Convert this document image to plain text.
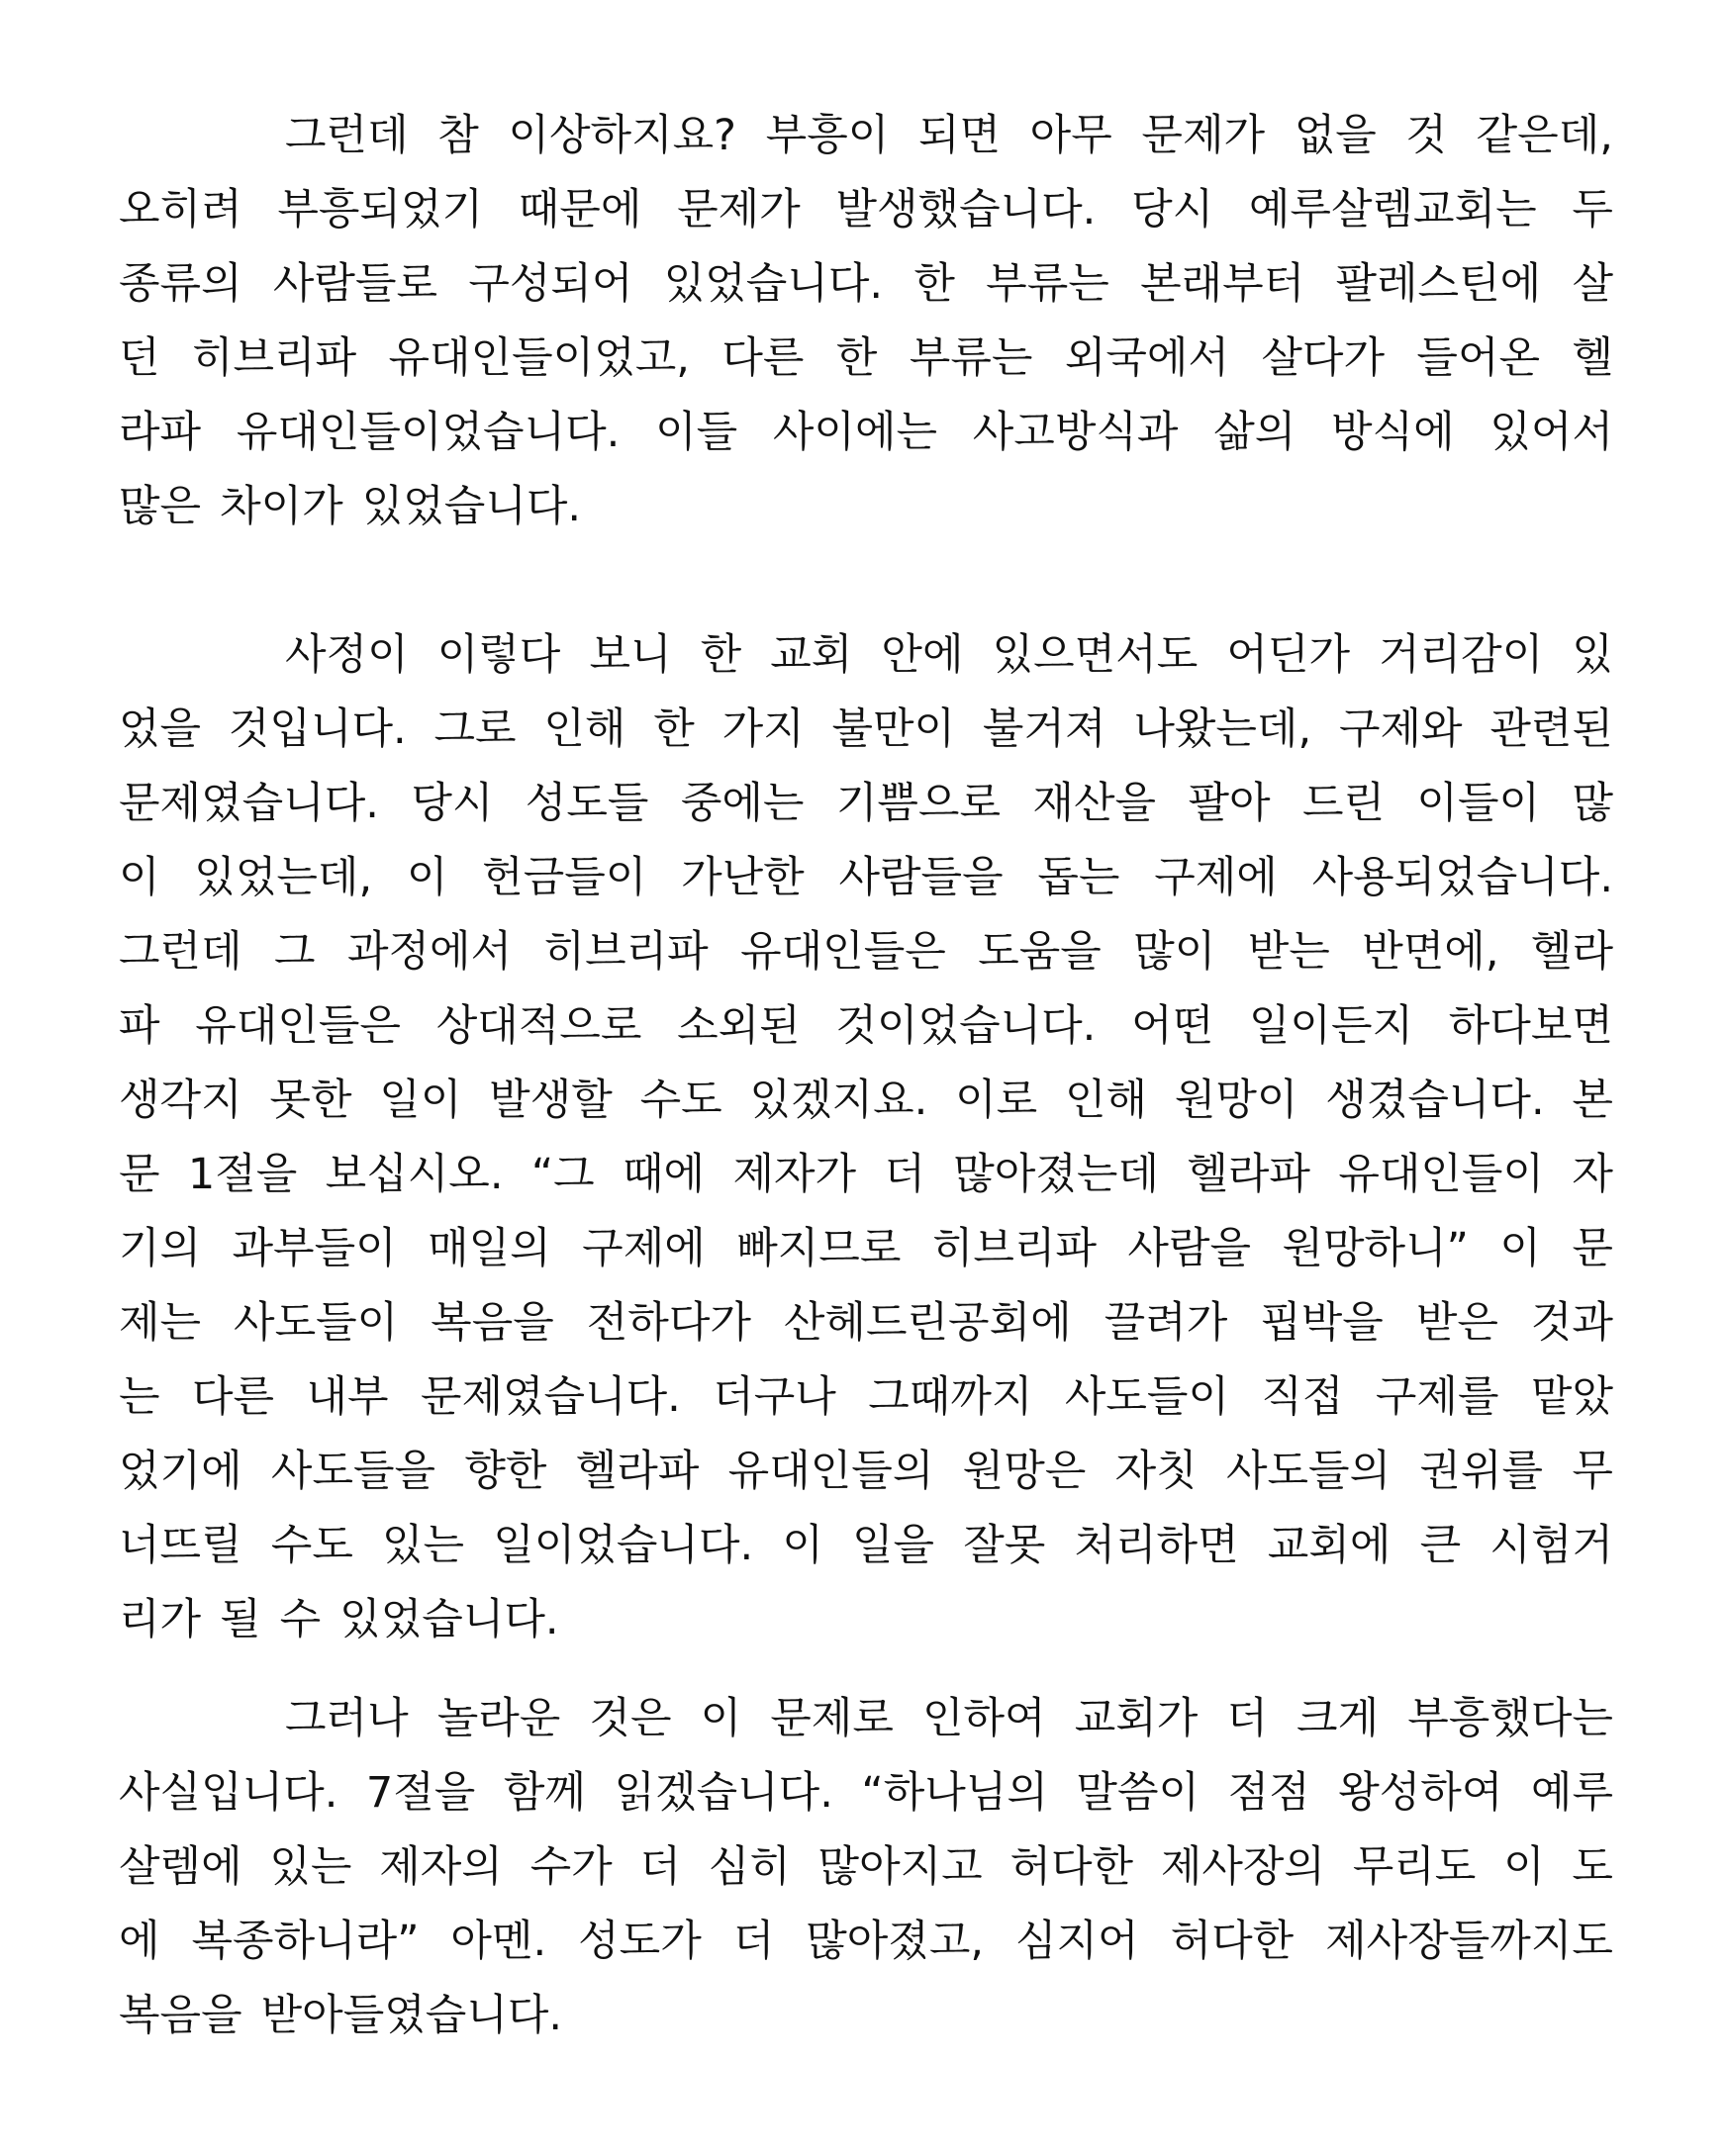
그런데 참 이상하지요? 부흥이 되면 아무 문제가 없을 것 같은데,
오히려 부흥되었기 때문에 문제가 발생했습니다. 당시 예루살렘교회는 두
종류의 사람들로 구성되어 있었습니다. 한 부류는 본래부터 팔레스틴에 살
던 히브리파 유대인들이었고, 다른 한 부류는 외국에서 살다가 들어온 헬
라파 유대인들이었습니다. 이들 사이에는 사고방식과 삶의 방식에 있어서
많은 차이가 있었습니다.
사정이 이렇다 보니 한 교회 안에 있으면서도 어딘가 거리감이 있
었을 것입니다. 그로 인해 한 가지 불만이 불거져 나왔는데, 구제와 관련된
문제였습니다. 당시 성도들 중에는 기쁨으로 재산을 팔아 드린 이들이 많
이 있었는데, 이 헌금들이 가난한 사람들을 돕는 구제에 사용되었습니다.
그런데 그 과정에서 히브리파 유대인들은 도움을 많이 받는 반면에, 헬라
파 유대인들은 상대적으로 소외된 것이었습니다. 어떤 일이든지 하다보면
생각지 못한 일이 발생할 수도 있겠지요. 이로 인해 원망이 생겼습니다. 본
문 1절을 보십시오. “그 때에 제자가 더 많아졌는데 헬라파 유대인들이 자
기의 과부들이 매일의 구제에 빠지므로 히브리파 사람을 원망하니” 이 문
제는 사도들이 복음을 전하다가 산헤드린공회에 끌려가 핍박을 받은 것과
는 다른 내부 문제였습니다. 더구나 그때까지 사도들이 직접 구제를 맡았
었기에 사도들을 향한 헬라파 유대인들의 원망은 자칫 사도들의 권위를 무
너뜨릴 수도 있는 일이었습니다. 이 일을 잘못 처리하면 교회에 큰 시험거
리가 될 수 있었습니다.
그러나 놀라운 것은 이 문제로 인하여 교회가 더 크게 부흥했다는
사실입니다. 7절을 함께 읽겠습니다. “하나님의 말씀이 점점 왕성하여 예루
살렘에 있는 제자의 수가 더 심히 많아지고 허다한 제사장의 무리도 이 도
에 복종하니라” 아멘. 성도가 더 많아졌고, 심지어 허다한 제사장들까지도
복음을 받아들였습니다.
